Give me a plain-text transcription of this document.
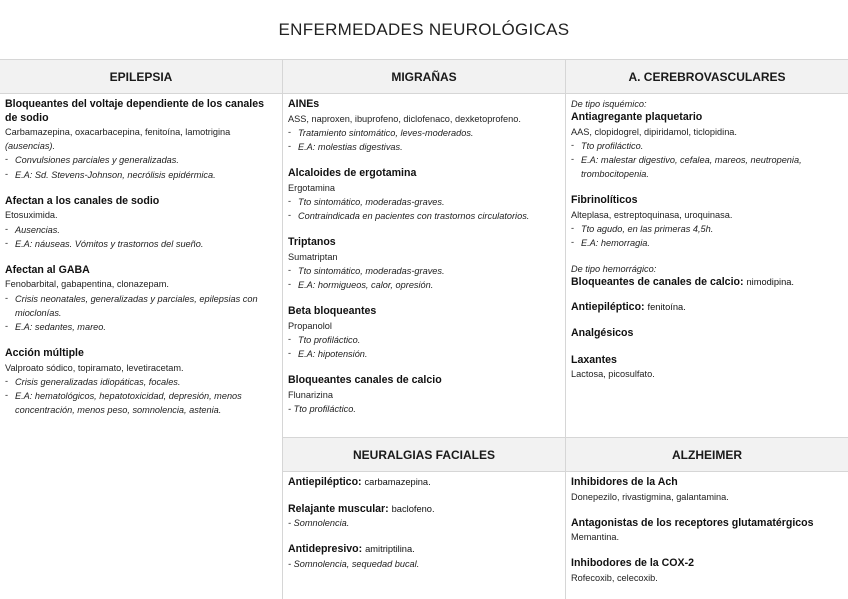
ENFERMEDADES NEUROLÓGICAS
EPILEPSIA	MIGRAÑAS	A. CEREBROVASCULARES
Bloqueantes del voltaje dependiente de los canales de sodio
Carbamazepina, oxacarbacepina, fenitoína, lamotrigina
(ausencias).
- Convulsiones parciales y generalizadas.
- E.A: Sd. Stevens-Johnson, necrólisis epidérmica.
Afectan a los canales de sodio
Etosuximida.
- Ausencias.
- E.A: náuseas. Vómitos y trastornos del sueño.
Afectan al GABA
Fenobarbital, gabapentina, clonazepam.
- Crisis neonatales, generalizadas y parciales, epilepsias con mioclonías.
- E.A: sedantes, mareo.
Acción múltiple
Valproato sódico, topiramato, levetiracetam.
- Crisis generalizadas idiopáticas, focales.
- E.A: hematológicos, hepatotoxicidad, depresión, menos concentración, menos peso, somnolencia, astenia.
AINEs
ASS, naproxen, ibuprofeno, diclofenaco, dexketoprofeno.
- Tratamiento sintomático, leves-moderados.
- E.A: molestias digestivas.
Alcaloides de ergotamina
Ergotamina
- Tto sintomático, moderadas-graves.
- Contraindicada en pacientes con trastornos circulatorios.
Triptanos
Sumatriptan
- Tto sintomático, moderadas-graves.
- E.A: hormigueos, calor, opresión.
Beta bloqueantes
Propanolol
- Tto profiláctico.
- E.A: hipotensión.
Bloqueantes canales de calcio
Flunarizina
- Tto profiláctico.
De tipo isquémico:
Antiagregante plaquetario
AAS, clopidogrel, dipiridamol, ticlopidina.
- Tto profiláctico.
- E.A: malestar digestivo, cefalea, mareos, neutropenia, trombocitopenia.
Fibrinolíticos
Alteplasa, estreptoquinasa, uroquinasa.
- Tto agudo, en las primeras 4,5h.
- E.A: hemorragia.
De tipo hemorrágico:
Bloqueantes de canales de calcio: nimodipina.
Antiepiléptico: fenitoína.
Analgésicos
Laxantes
Lactosa, picosulfato.
NEURALGIAS FACIALES	ALZHEIMER
Antiepiléptico: carbamazepina.
Relajante muscular: baclofeno.
- Somnolencia.
Antidepresivo: amitriptilina.
- Somnolencia, sequedad bucal.
Inhibidores de la Ach
Donepezilo, rivastigmina, galantamina.
Antagonistas de los receptores glutamatérgicos
Memantina.
Inhibodores de la COX-2
Rofecoxib, celecoxib.
